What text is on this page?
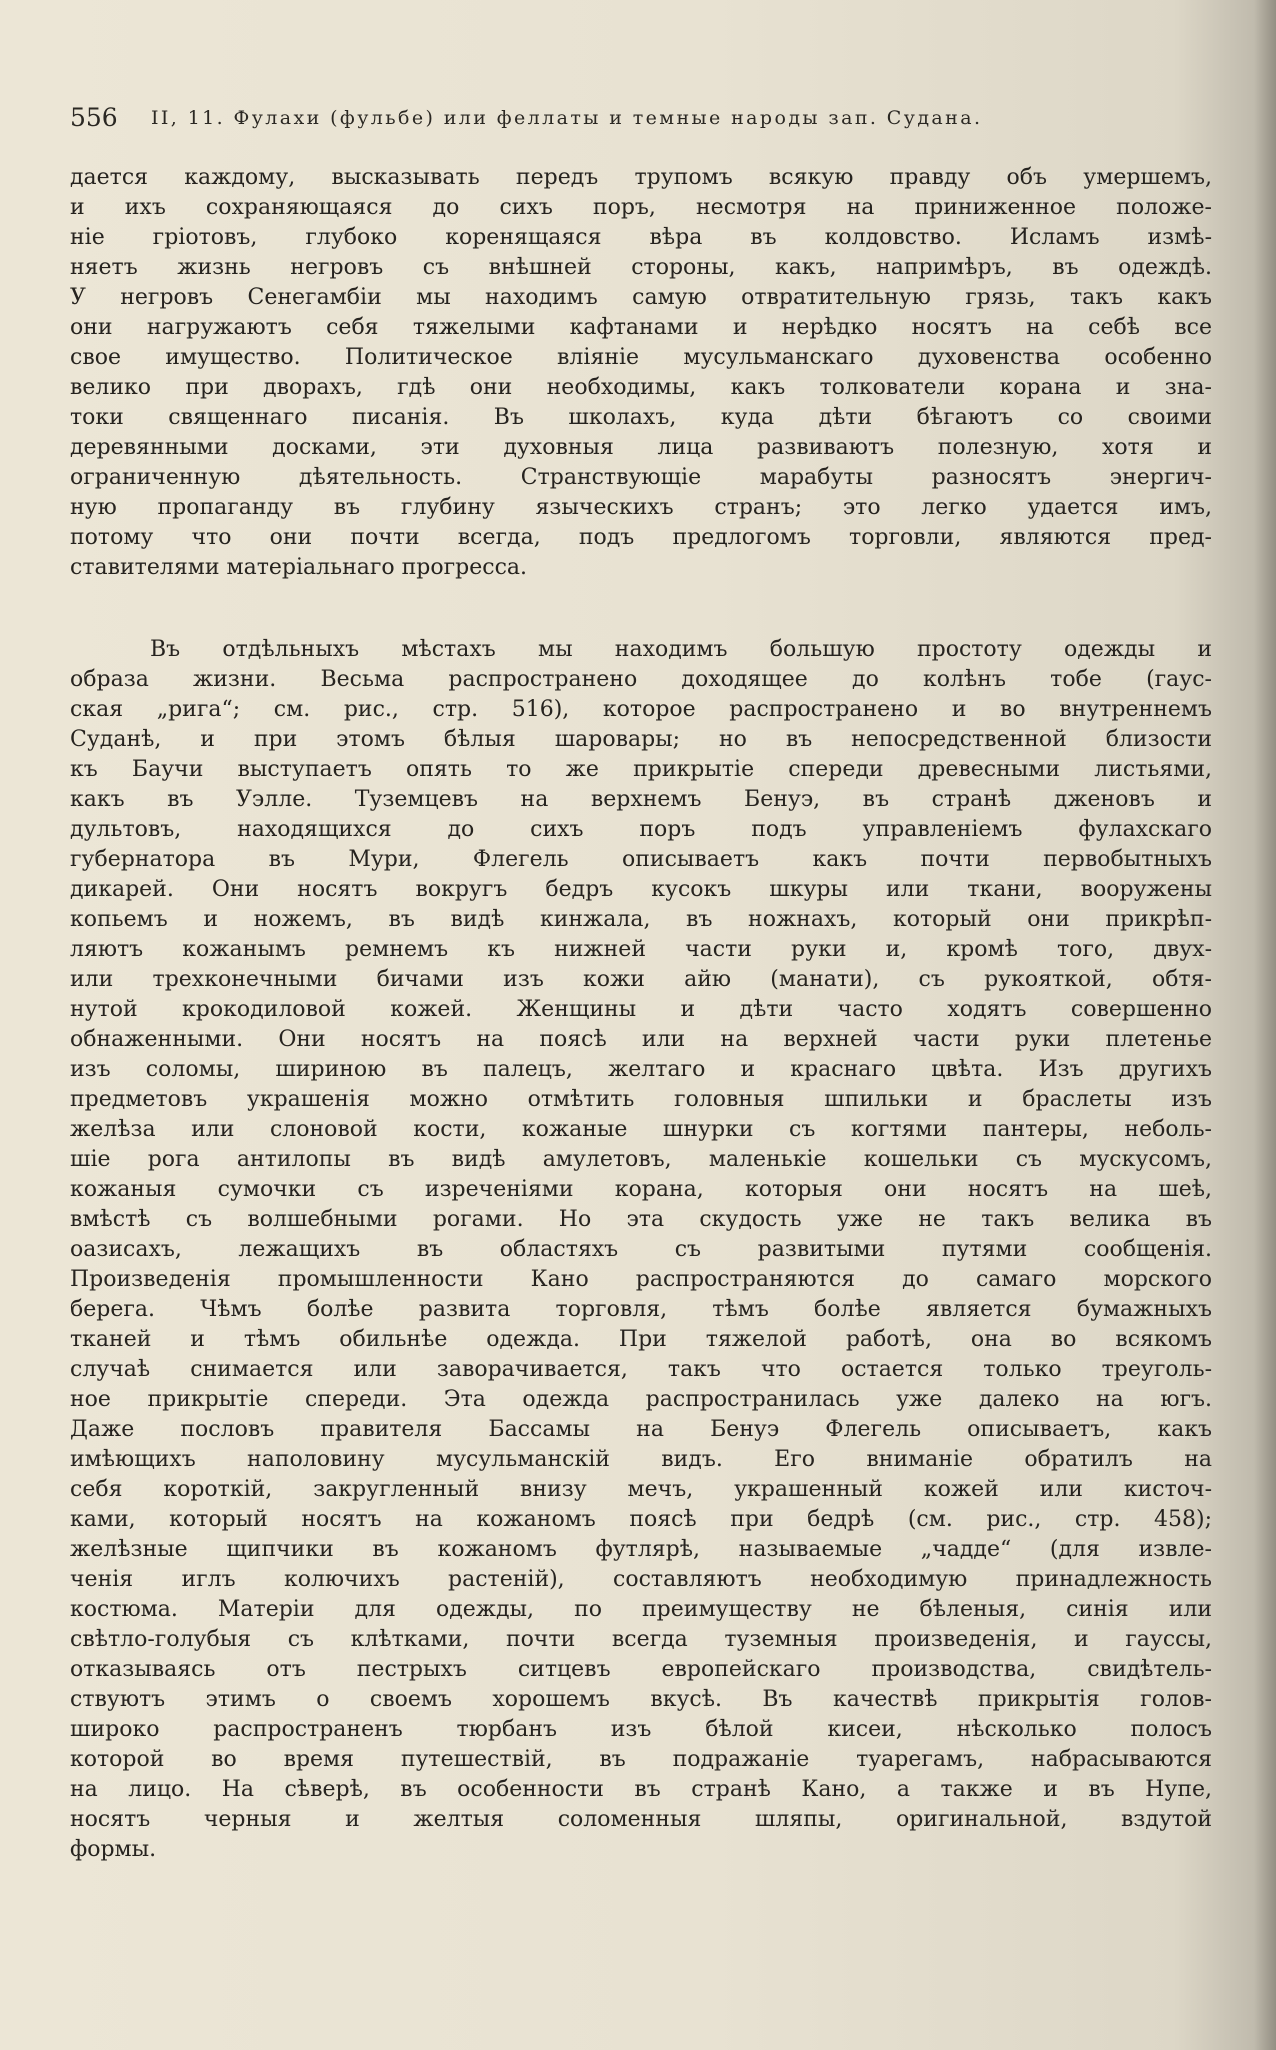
556 II, 11. Фулахи (фульбе) или феллаты и темные народы зап. Судана.
дается каждому, высказывать передъ трупомъ всякую правду объ умершемъ,
и ихъ сохраняющаяся до сихъ поръ, несмотря на приниженное положе-
нiе грiотовъ, глубоко коренящаяся вѣра въ колдовство. Исламъ измѣ-
няетъ жизнь негровъ съ внѣшней стороны, какъ, напримѣръ, въ одеждѣ.
У негровъ Сенегамбiи мы находимъ самую отвратительную грязь, такъ какъ
они нагружаютъ себя тяжелыми кафтанами и нерѣдко носятъ на себѣ все
свое имущество. Политическое влiянiе мусульманскаго духовенства особенно
велико при дворахъ, гдѣ они необходимы, какъ толкователи корана и зна-
токи священнаго писанiя. Въ школахъ, куда дѣти бѣгаютъ со своими
деревянными досками, эти духовныя лица развиваютъ полезную, хотя и
ограниченную дѣятельность. Странствующiе марабуты разносятъ энергич-
ную пропаганду въ глубину языческихъ странъ; это легко удается имъ,
потому что они почти всегда, подъ предлогомъ торговли, являются пред-
ставителями матерiальнаго прогресса.
Въ отдѣльныхъ мѣстахъ мы находимъ большую простоту одежды и
образа жизни. Весьма распространено доходящее до колѣнъ тобе (гаус-
ская „рига“; см. рис., стр. 516), которое распространено и во внутреннемъ
Суданѣ, и при этомъ бѣлыя шаровары; но въ непосредственной близости
къ Баучи выступаетъ опять то же прикрытiе спереди древесными листьями,
какъ въ Уэлле. Туземцевъ на верхнемъ Бенуэ, въ странѣ дженовъ и
дультовъ, находящихся до сихъ поръ подъ управленiемъ фулахскаго
губернатора въ Мури, Флегель описываетъ какъ почти первобытныхъ
дикарей. Они носятъ вокругъ бедръ кусокъ шкуры или ткани, вооружены
копьемъ и ножемъ, въ видѣ кинжала, въ ножнахъ, который они прикрѣп-
ляютъ кожанымъ ремнемъ къ нижней части руки и, кромѣ того, двух-
или трехконечными бичами изъ кожи айю (манати), съ рукояткой, обтя-
нутой крокодиловой кожей. Женщины и дѣти часто ходятъ совершенно
обнаженными. Они носятъ на поясѣ или на верхней части руки плетенье
изъ соломы, шириною въ палецъ, желтаго и краснаго цвѣта. Изъ другихъ
предметовъ украшенiя можно отмѣтить головныя шпильки и браслеты изъ
желѣза или слоновой кости, кожаные шнурки съ когтями пантеры, неболь-
шiе рога антилопы въ видѣ амулетовъ, маленькiе кошельки съ мускусомъ,
кожаныя сумочки съ изреченiями корана, которыя они носятъ на шеѣ,
вмѣстѣ съ волшебными рогами. Но эта скудость уже не такъ велика въ
оазисахъ, лежащихъ въ областяхъ съ развитыми путями сообщенiя.
Произведенiя промышленности Кано распространяются до самаго морского
берега. Чѣмъ болѣе развита торговля, тѣмъ болѣе является бумажныхъ
тканей и тѣмъ обильнѣе одежда. При тяжелой работѣ, она во всякомъ
случаѣ снимается или заворачивается, такъ что остается только треуголь-
ное прикрытiе спереди. Эта одежда распространилась уже далеко на югъ.
Даже пословъ правителя Бассамы на Бенуэ Флегель описываетъ, какъ
имѣющихъ наполовину мусульманскiй видъ. Его вниманiе обратилъ на
себя короткiй, закругленный внизу мечъ, украшенный кожей или кисточ-
ками, который носятъ на кожаномъ поясѣ при бедрѣ (см. рис., стр. 458);
желѣзные щипчики въ кожаномъ футлярѣ, называемые „чадде“ (для извле-
ченiя иглъ колючихъ растенiй), составляютъ необходимую принадлежность
костюма. Матерiи для одежды, по преимуществу не бѣленыя, синiя или
свѣтло-голубыя съ клѣтками, почти всегда туземныя произведенiя, и гауссы,
отказываясь отъ пестрыхъ ситцевъ европейскаго производства, свидѣтель-
ствуютъ этимъ о своемъ хорошемъ вкусѣ. Въ качествѣ прикрытiя голов-
широко распространенъ тюрбанъ изъ бѣлой кисеи, нѣсколько полосъ
которой во время путешествiй, въ подражанiе туарегамъ, набрасываются
на лицо. На сѣверѣ, въ особенности въ странѣ Кано, а также и въ Нупе,
носятъ черныя и желтыя соломенныя шляпы, оригинальной, вздутой
формы.
